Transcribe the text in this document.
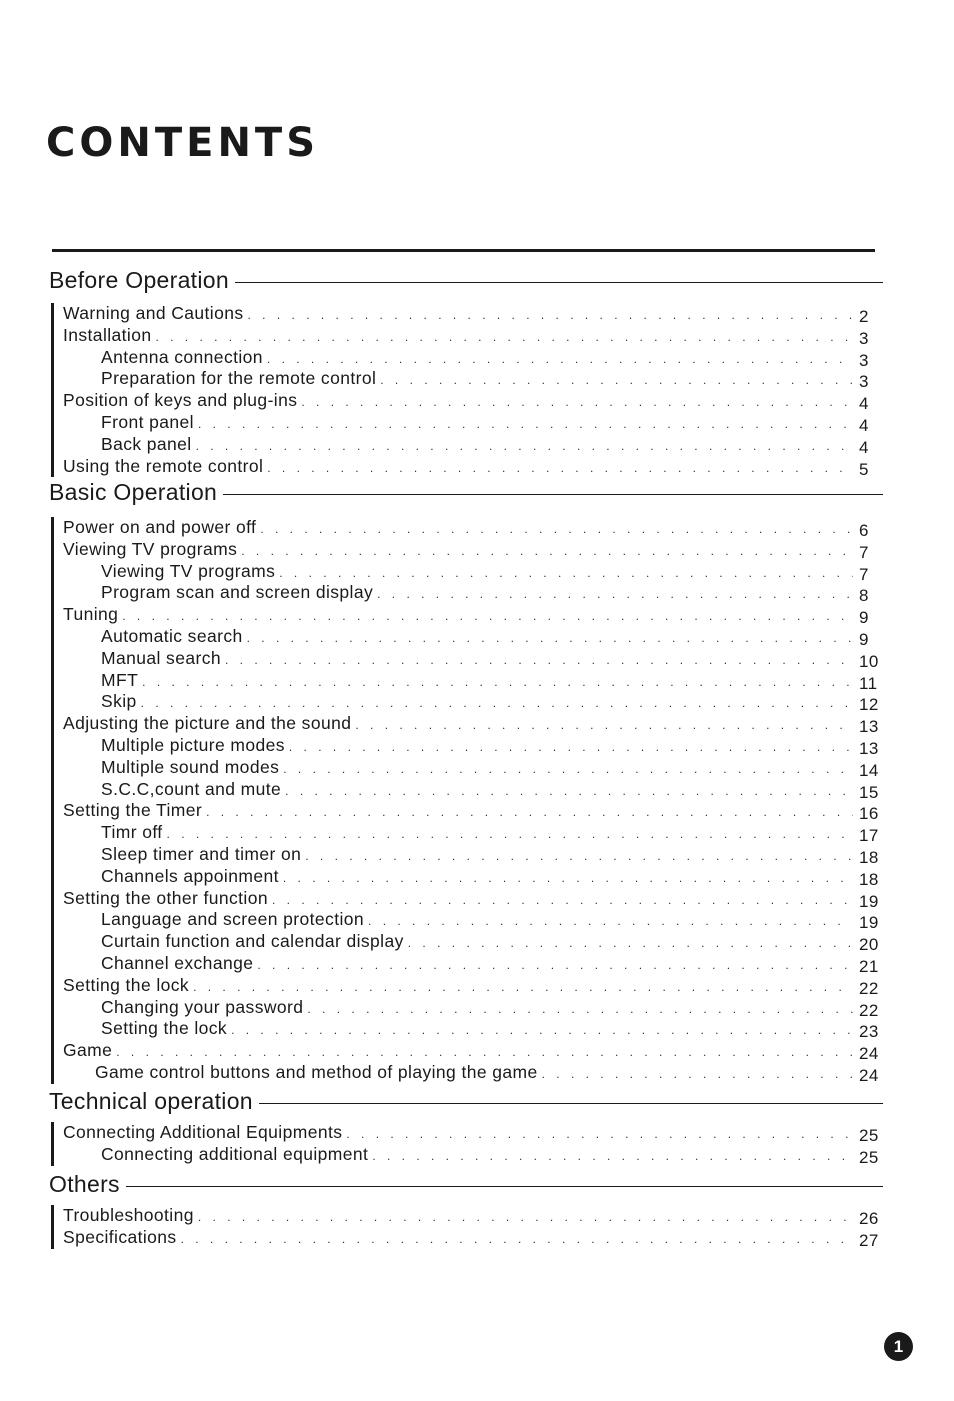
CONTENTS
Before Operation
Warning and Cautions . . .	2
Installation . . .	3
Antenna connection . . .	3
Preparation for the remote control . . .	3
Position of keys and plug-ins . . .	4
Front panel . . .	4
Back panel . . .	4
Using the remote control . . .	5
Basic Operation
Power on and power off . . .	6
Viewing TV programs . . .	7
Viewing TV programs . . .	7
Program scan and screen display . . .	8
Tuning . . .	9
Automatic search . . .	9
Manual search . . .	10
MFT . . .	11
Skip . . .	12
Adjusting the picture and the sound . . .	13
Multiple picture modes . . .	13
Multiple sound modes . . .	14
S.C.C,count and mute . . .	15
Setting the Timer . . .	16
Timr off . . .	17
Sleep timer and timer on . . .	18
Channels appoinment . . .	18
Setting the other function . . .	19
Language and screen protection . . .	19
Curtain function and calendar display . . .	20
Channel exchange . . .	21
Setting the lock . . .	22
Changing your password . . .	22
Setting the lock . . .	23
Game . . .	24
Game control buttons and method of playing the game . . .	24
Technical operation
Connecting Additional Equipments . . .	25
Connecting additional equipment . . .	25
Others
Troubleshooting . . .	26
Specifications . . .	27
1
